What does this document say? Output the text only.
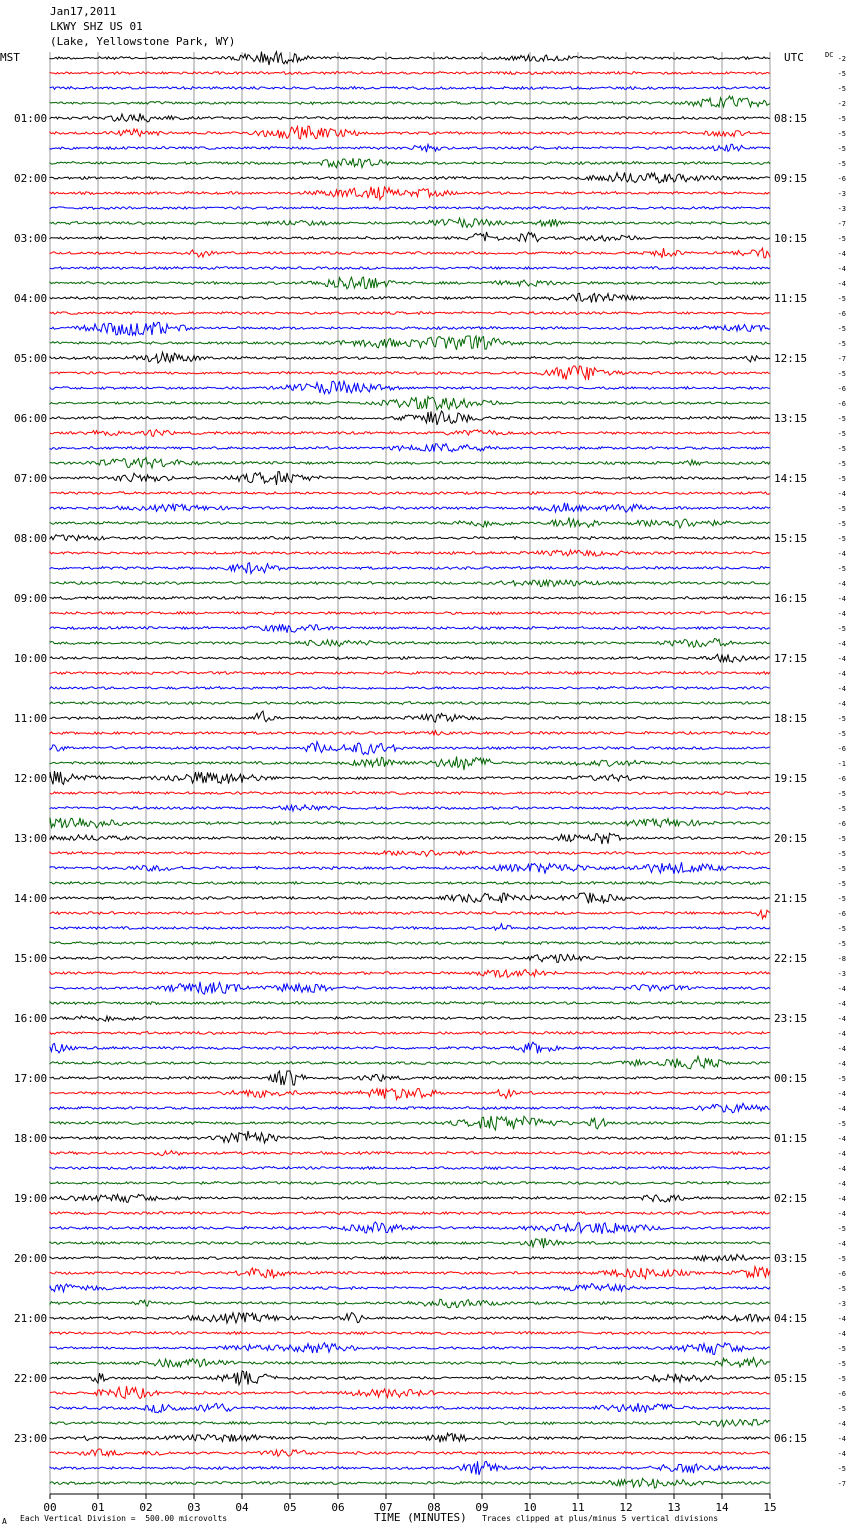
Jan17,2011
LKWY SHZ US 01
(Lake, Yellowstone Park, WY)
-2
-5
-5
-2
-5
-5
-5
-5
-6
-3
-3
-7
-5
-4
-4
-4
-5
-6
-5
-5
-7
-5
-6
-6
-5
-5
-5
-5
-5
-4
-5
-5
-5
-4
-5
-4
-4
-4
-5
-4
-4
-4
-4
-4
-5
-5
-6
-1
-6
-5
-5
-6
-5
-5
-5
-5
-5
-6
-5
-5
-8
-3
-4
-4
-4
-4
-4
-4
-5
-4
-4
-5
-4
-4
-4
-4
-4
-4
-5
-4
-5
-6
-5
-3
-4
-4
-5
-5
-5
-6
-5
-4
-4
-4
-5
-7
MST	UTC	DC
01:00	08:15
02:00	09:15
03:00	10:15
04:00	11:15
05:00	12:15
06:00	13:15
07:00	14:15
08:00	15:15
09:00	16:15
10:00	17:15
11:00	18:15
12:00	19:15
13:00	20:15
14:00	21:15
15:00	22:15
16:00	23:15
17:00	00:15
18:00	01:15
19:00	02:15
20:00	03:15
21:00	04:15
22:00	05:15
23:00	06:15
00	01	02	03	04	05	06	07	08	09	10	11	12	13	14	15
A Each Vertical Division =  500.00 microvolts	TIME (MINUTES) Traces clipped at plus/minus 5 vertical divisions
